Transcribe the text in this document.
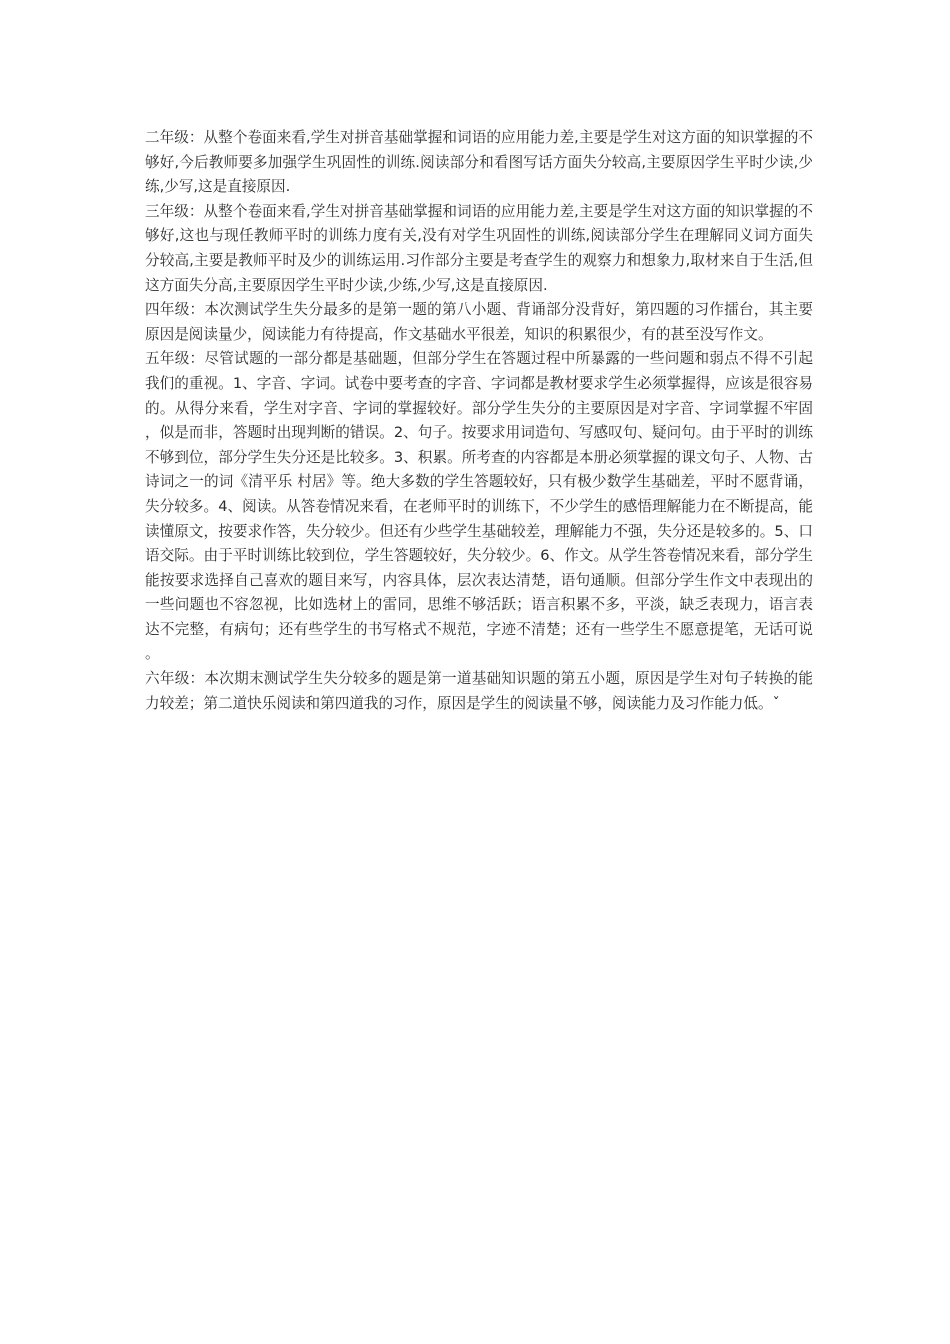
二年级：从整个卷面来看,学生对拼音基础掌握和词语的应用能力差,主要是学生对这方面的知识掌握的不够好,今后教师要多加强学生巩固性的训练.阅读部分和看图写话方面失分较高,主要原因学生平时少读,少练,少写,这是直接原因.

三年级：从整个卷面来看,学生对拼音基础掌握和词语的应用能力差,主要是学生对这方面的知识掌握的不够好,这也与现任教师平时的训练力度有关,没有对学生巩固性的训练,阅读部分学生在理解同义词方面失分较高,主要是教师平时及少的训练运用.习作部分主要是考查学生的观察力和想象力,取材来自于生活,但这方面失分高,主要原因学生平时少读,少练,少写,这是直接原因.

四年级：本次测试学生失分最多的是第一题的第八小题、背诵部分没背好，第四题的习作擂台，其主要原因是阅读量少，阅读能力有待提高，作文基础水平很差，知识的积累很少，有的甚至没写作文。

五年级：尽管试题的一部分都是基础题，但部分学生在答题过程中所暴露的一些问题和弱点不得不引起我们的重视。1、字音、字词。试卷中要考查的字音、字词都是教材要求学生必须掌握得，应该是很容易的。从得分来看，学生对字音、字词的掌握较好。部分学生失分的主要原因是对字音、字词掌握不牢固，似是而非，答题时出现判断的错误。2、句子。按要求用词造句、写感叹句、疑问句。由于平时的训练不够到位，部分学生失分还是比较多。3、积累。所考查的内容都是本册必须掌握的课文句子、人物、古诗词之一的词《清平乐 村居》等。绝大多数的学生答题较好，只有极少数学生基础差，平时不愿背诵，失分较多。4、阅读。从答卷情况来看，在老师平时的训练下，不少学生的感悟理解能力在不断提高，能读懂原文，按要求作答，失分较少。但还有少些学生基础较差，理解能力不强，失分还是较多的。5、口语交际。由于平时训练比较到位，学生答题较好，失分较少。6、作文。从学生答卷情况来看，部分学生能按要求选择自己喜欢的题目来写，内容具体，层次表达清楚，语句通顺。但部分学生作文中表现出的一些问题也不容忽视，比如选材上的雷同，思维不够活跃；语言积累不多，平淡，缺乏表现力，语言表达不完整，有病句；还有些学生的书写格式不规范，字迹不清楚；还有一些学生不愿意提笔，无话可说。

六年级：本次期末测试学生失分较多的题是第一道基础知识题的第五小题，原因是学生对句子转换的能力较差；第二道快乐阅读和第四道我的习作，原因是学生的阅读量不够，阅读能力及习作能力低。ˇ
